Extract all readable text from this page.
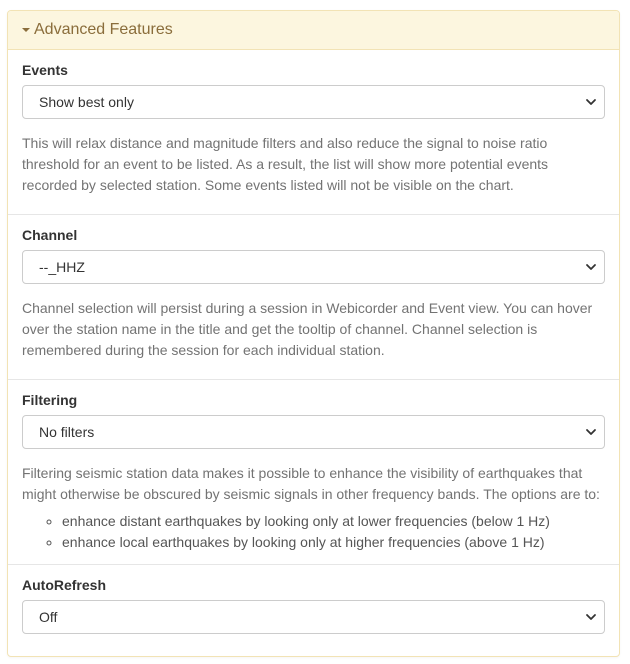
Advanced Features
Events
Show best only

This will relax distance and magnitude filters and also reduce the signal to noise ratio threshold for an event to be listed. As a result, the list will show more potential events recorded by selected station. Some events listed will not be visible on the chart.

Channel
--_HHZ

Channel selection will persist during a session in Webicorder and Event view. You can hover over the station name in the title and get the tooltip of channel. Channel selection is remembered during the session for each individual station.

Filtering
No filters

Filtering seismic station data makes it possible to enhance the visibility of earthquakes that might otherwise be obscured by seismic signals in other frequency bands. The options are to:

◦ enhance distant earthquakes by looking only at lower frequencies (below 1 Hz)
◦ enhance local earthquakes by looking only at higher frequencies (above 1 Hz)
AutoRefresh
Off
